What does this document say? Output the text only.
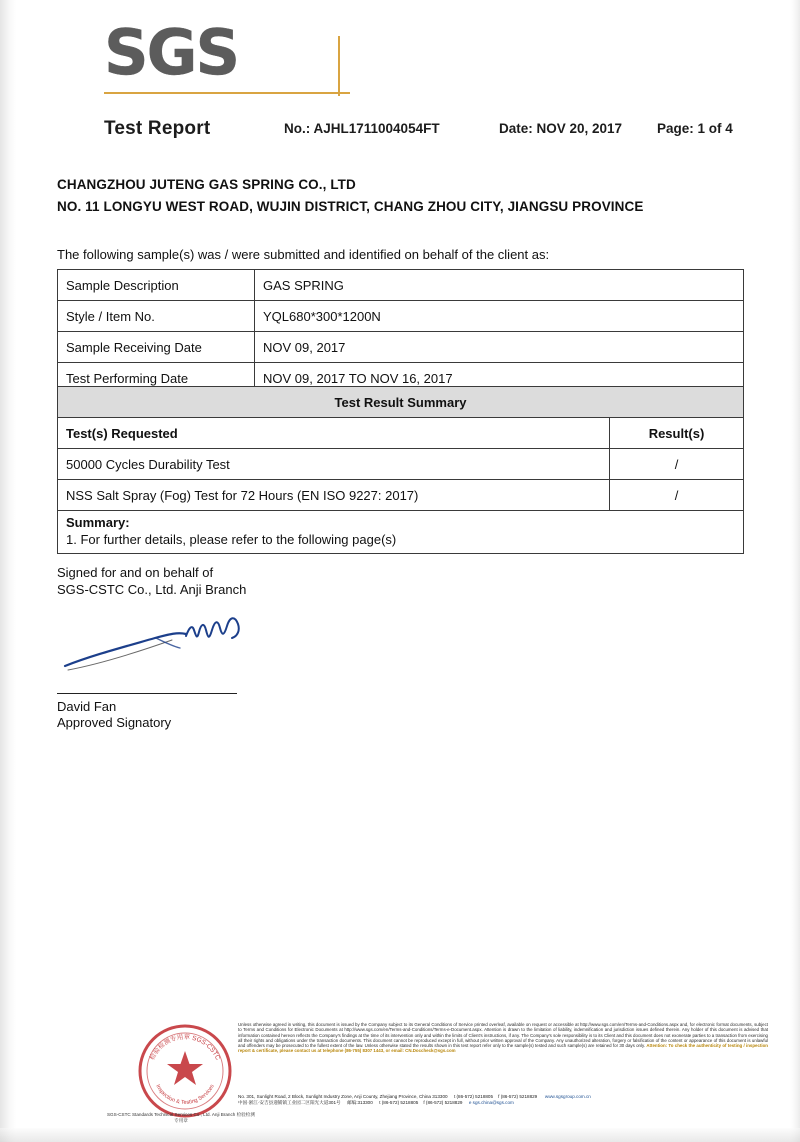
SGS
Test Report	No.: AJHL1711004054FT	Date: NOV 20, 2017	Page: 1 of 4
CHANGZHOU JUTENG GAS SPRING CO., LTD
NO. 11 LONGYU WEST ROAD, WUJIN DISTRICT, CHANG ZHOU CITY, JIANGSU PROVINCE
The following sample(s) was / were submitted and identified on behalf of the client as:
Sample Description	GAS SPRING
Style / Item No.	YQL680*300*1200N
Sample Receiving Date	NOV 09, 2017
Test Performing Date	NOV 09, 2017 TO NOV 16, 2017
Test Result Summary	
Test(s) Requested	Result(s)
50000 Cycles Durability Test	/
NSS Salt Spray (Fog) Test for 72 Hours (EN ISO 9227: 2017)	/

Summary:
1. For further details, please refer to the following page(s)	
Signed for and on behalf of
SGS-CSTC Co., Ltd. Anji Branch
David Fan
Approved Signatory
检验检测专用章 SGS-CSTC
Inspection & Testing Services
Unless otherwise agreed in writing, this document is issued by the Company subject to its General Conditions of Service printed overleaf, available on request or accessible at http://www.sgs.com/en/Terms-and-Conditions.aspx and, for electronic format documents, subject to Terms and Conditions for Electronic Documents at http://www.sgs.com/en/Terms-and-Conditions/Terms-e-Document.aspx. Attention is drawn to the limitation of liability, indemnification and jurisdiction issues defined therein. Any holder of this document is advised that information contained hereon reflects the Company's findings at the time of its intervention only and within the limits of Client's instructions, if any. The Company's sole responsibility is to its Client and this document does not exonerate parties to a transaction from exercising all their rights and obligations under the transaction documents. This document cannot be reproduced except in full, without prior written approval of the Company. Any unauthorized alteration, forgery or falsification of the content or appearance of this document is unlawful and offenders may be prosecuted to the fullest extent of the law. Unless otherwise stated the results shown in this test report refer only to the sample(s) tested and such sample(s) are retained for 30 days only. Attention: To check the authenticity of testing / inspection report & certificate, please contact us at telephone (86-755) 8307 1443, or email: CN.Doccheck@sgs.com
No. 301, Sunlight Road, 2 Block, Sunlight Industry Zone, Anji County, Zhejiang Province, China 313300 t (86-572) 5218805 f (86-572) 5218829 www.sgsgroup.com.cn
中国·浙江·安吉县递铺镇工业园二区阳光大道301号 邮编:313300 t (86-572) 5218805 f (86-572) 5218829 e sgs.china@sgs.com
SGS-CSTC Standards Technical Services Co., Ltd. Anji Branch 检验检测专用章
